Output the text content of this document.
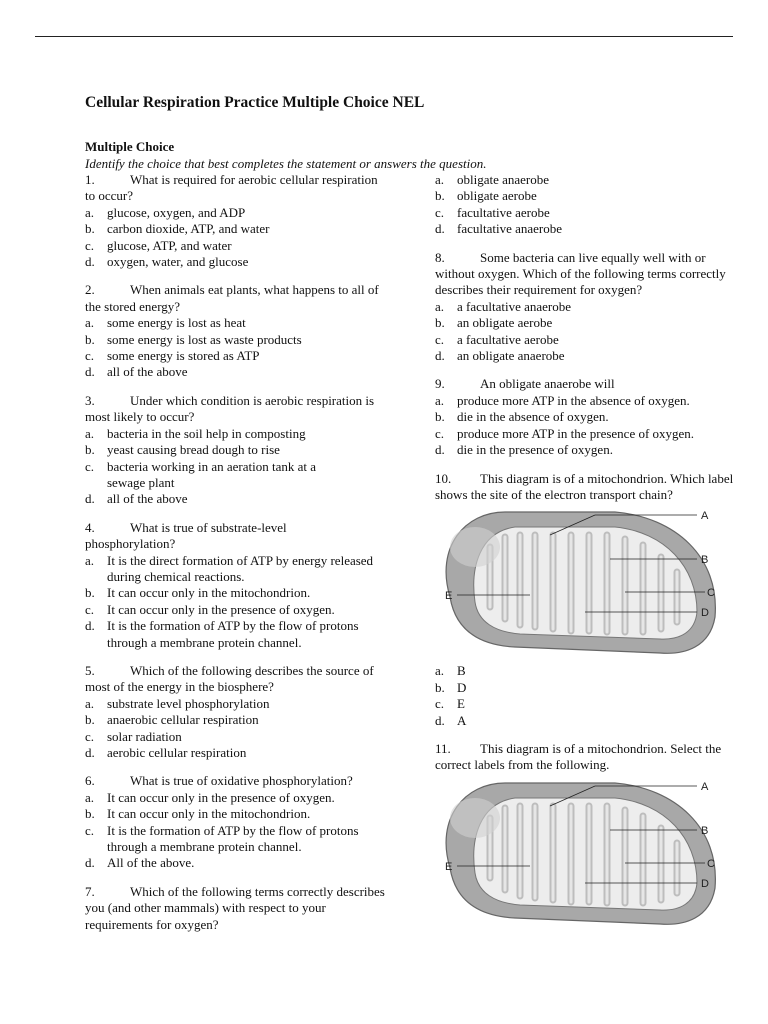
Cellular Respiration Practice Multiple Choice NEL
Multiple Choice
Identify the choice that best completes the statement or answers the question.
1.	What is required for aerobic cellular respiration to occur?
a. glucose, oxygen, and ADP
b. carbon dioxide, ATP, and water
c. glucose, ATP, and water
d. oxygen, water, and glucose
2.	When animals eat plants, what happens to all of the stored energy?
a. some energy is lost as heat
b. some energy is lost as waste products
c. some energy is stored as ATP
d. all of the above
3.	Under which condition is aerobic respiration is most likely to occur?
a. bacteria in the soil help in composting
b. yeast causing bread dough to rise
c. bacteria working in an aeration tank at a sewage plant
d. all of the above
4.	What is true of substrate-level phosphorylation?
a. It is the direct formation of ATP by energy released during chemical reactions.
b. It can occur only in the mitochondrion.
c. It can occur only in the presence of oxygen.
d. It is the formation of ATP by the flow of protons through a membrane protein channel.
5.	Which of the following describes the source of most of the energy in the biosphere?
a. substrate level phosphorylation
b. anaerobic cellular respiration
c. solar radiation
d. aerobic cellular respiration
6.	What is true of oxidative phosphorylation?
a. It can occur only in the presence of oxygen.
b. It can occur only in the mitochondrion.
c. It is the formation of ATP by the flow of protons through a membrane protein channel.
d. All of the above.
7.	Which of the following terms correctly describes you (and other mammals) with respect to your requirements for oxygen?
a. obligate anaerobe
b. obligate aerobe
c. facultative aerobe
d. facultative anaerobe
8.	Some bacteria can live equally well with or without oxygen. Which of the following terms correctly describes their requirement for oxygen?
a. a facultative anaerobe
b. an obligate aerobe
c. a facultative aerobe
d. an obligate anaerobe
9.	An obligate anaerobe will
a. produce more ATP in the absence of oxygen.
b. die in the absence of oxygen.
c. produce more ATP in the presence of oxygen.
d. die in the presence of oxygen.
10. This diagram is of a mitochondrion. Which label shows the site of the electron transport chain?
A
B
C
D
E
a. B
b. D
c. E
d. A
11. This diagram is of a mitochondrion. Select the correct labels from the following.
A
B
C
D
E
